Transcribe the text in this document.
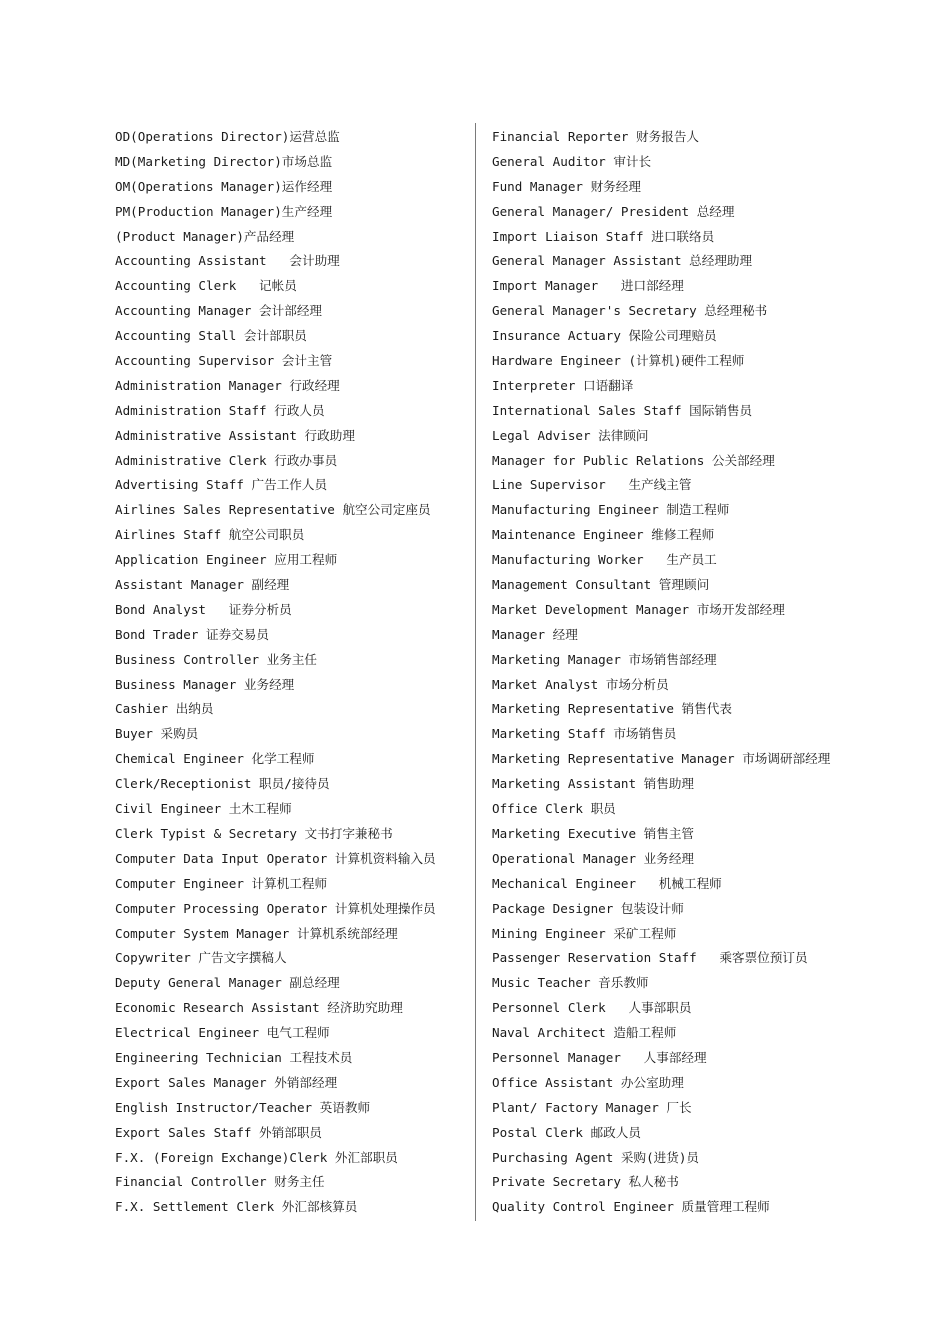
OD(Operations Director)运营总监
MD(Marketing Director)市场总监
OM(Operations Manager)运作经理
PM(Production Manager)生产经理
(Product Manager)产品经理
Accounting Assistant   会计助理
Accounting Clerk   记帐员
Accounting Manager 会计部经理
Accounting Stall 会计部职员
Accounting Supervisor 会计主管
Administration Manager 行政经理
Administration Staff 行政人员
Administrative Assistant 行政助理
Administrative Clerk 行政办事员
Advertising Staff 广告工作人员
Airlines Sales Representative 航空公司定座员
Airlines Staff 航空公司职员
Application Engineer 应用工程师
Assistant Manager 副经理
Bond Analyst   证券分析员
Bond Trader 证券交易员
Business Controller 业务主任
Business Manager 业务经理
Cashier 出纳员
Buyer 采购员
Chemical Engineer 化学工程师
Clerk/Receptionist 职员/接待员
Civil Engineer 土木工程师
Clerk Typist & Secretary 文书打字兼秘书
Computer Data Input Operator 计算机资料输入员
Computer Engineer 计算机工程师
Computer Processing Operator 计算机处理操作员
Computer System Manager 计算机系统部经理
Copywriter 广告文字撰稿人
Deputy General Manager 副总经理
Economic Research Assistant 经济助究助理
Electrical Engineer 电气工程师
Engineering Technician 工程技术员
Export Sales Manager 外销部经理
English Instructor/Teacher 英语教师
Export Sales Staff 外销部职员
F.X. (Foreign Exchange)Clerk 外汇部职员
Financial Controller 财务主任
F.X. Settlement Clerk 外汇部核算员
Financial Reporter 财务报告人
General Auditor 审计长
Fund Manager 财务经理
General Manager/ President 总经理
Import Liaison Staff 进口联络员
General Manager Assistant 总经理助理
Import Manager   进口部经理
General Manager's Secretary 总经理秘书
Insurance Actuary 保险公司理赔员
Hardware Engineer (计算机)硬件工程师
Interpreter 口语翻译
International Sales Staff 国际销售员
Legal Adviser 法律顾问
Manager for Public Relations 公关部经理
Line Supervisor   生产线主管
Manufacturing Engineer 制造工程师
Maintenance Engineer 维修工程师
Manufacturing Worker   生产员工
Management Consultant 管理顾问
Market Development Manager 市场开发部经理
Manager 经理
Marketing Manager 市场销售部经理
Market Analyst 市场分析员
Marketing Representative 销售代表
Marketing Staff 市场销售员
Marketing Representative Manager 市场调研部经理
Marketing Assistant 销售助理
Office Clerk 职员
Marketing Executive 销售主管
Operational Manager 业务经理
Mechanical Engineer   机械工程师
Package Designer 包装设计师
Mining Engineer 采矿工程师
Passenger Reservation Staff   乘客票位预订员
Music Teacher 音乐教师
Personnel Clerk   人事部职员
Naval Architect 造船工程师
Personnel Manager   人事部经理
Office Assistant 办公室助理
Plant/ Factory Manager 厂长
Postal Clerk 邮政人员
Purchasing Agent 采购(进货)员
Private Secretary 私人秘书
Quality Control Engineer 质量管理工程师
